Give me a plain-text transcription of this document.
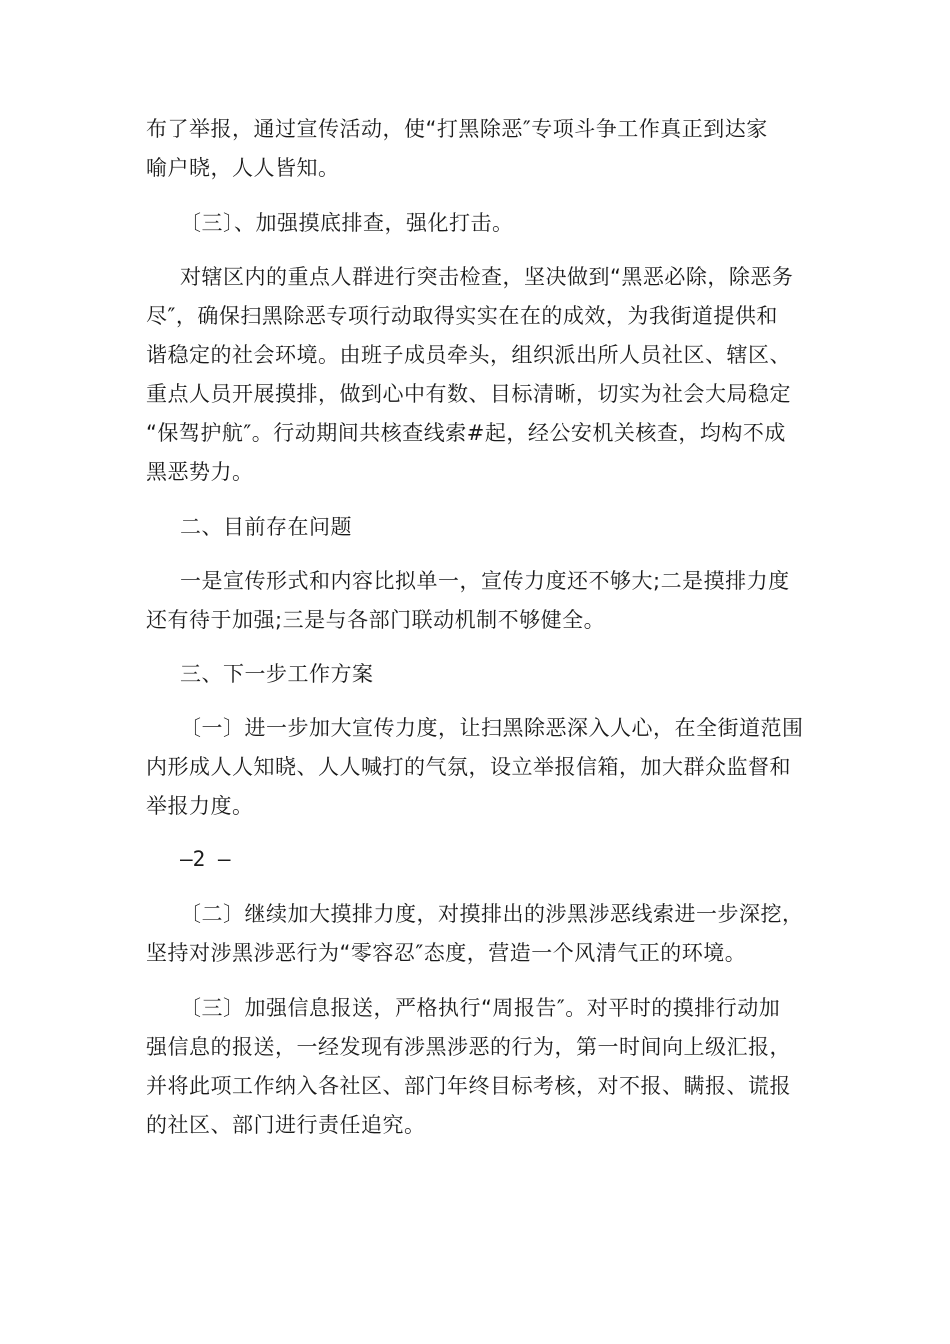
布了举报，通过宣传活动，使“打黑除恶″专项斗争工作真正到达家
喻户晓，人人皆知。
〔三〕、加强摸底排查，强化打击。
对辖区内的重点人群进行突击检查，坚决做到“黑恶必除，除恶务
尽″，确保扫黑除恶专项行动取得实实在在的成效，为我街道提供和
谐稳定的社会环境。由班子成员牵头，组织派出所人员社区、辖区、
重点人员开展摸排，做到心中有数、目标清晰，切实为社会大局稳定
“保驾护航″。行动期间共核查线索#起，经公安机关核查，均构不成
黑恶势力。
二、目前存在问题
一是宣传形式和内容比拟单一，宣传力度还不够大;二是摸排力度
还有待于加强;三是与各部门联动机制不够健全。
三、下一步工作方案
〔一〕进一步加大宣传力度，让扫黑除恶深入人心，在全街道范围
内形成人人知晓、人人喊打的气氛，设立举报信箱，加大群众监督和
举报力度。
—2 —
〔二〕继续加大摸排力度，对摸排出的涉黑涉恶线索进一步深挖，
坚持对涉黑涉恶行为“零容忍″态度，营造一个风清气正的环境。
〔三〕加强信息报送，严格执行“周报告″。对平时的摸排行动加
强信息的报送，一经发现有涉黑涉恶的行为，第一时间向上级汇报，
并将此项工作纳入各社区、部门年终目标考核，对不报、瞒报、谎报
的社区、部门进行责任追究。
